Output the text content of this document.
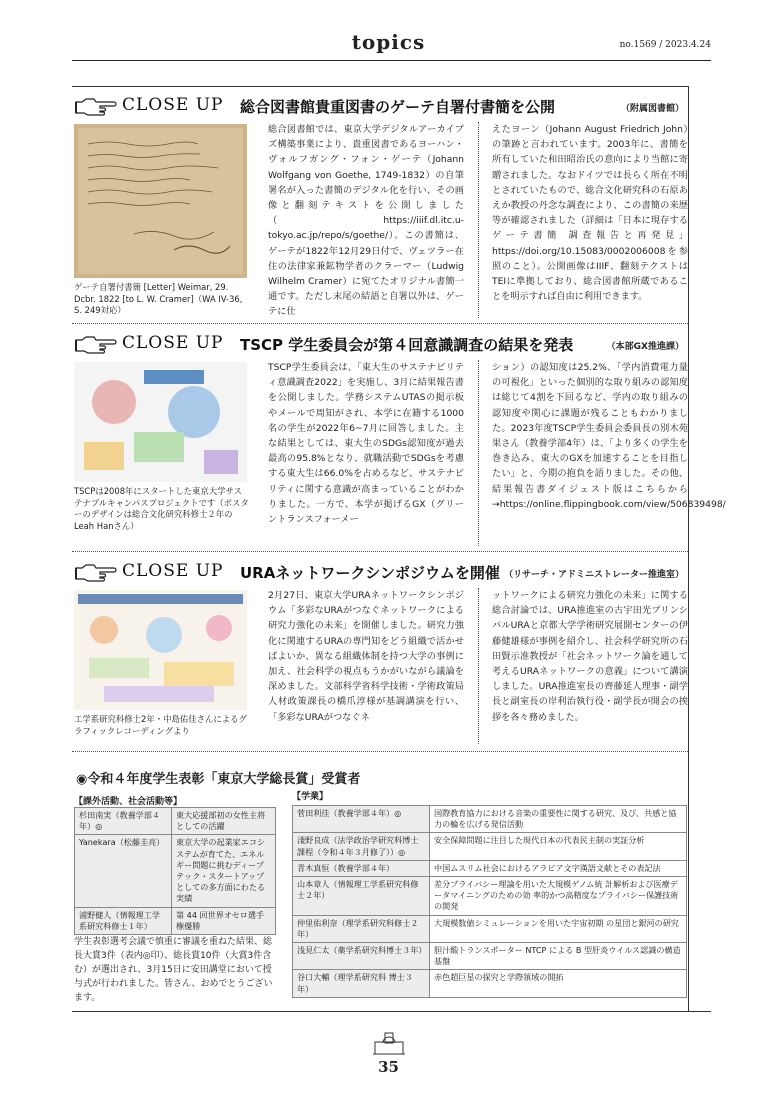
topics	no.1569 / 2023.4.24
CLOSE UP 総合図書館貴重図書のゲーテ自署付書簡を公開	（附属図書館）
ゲーテ自署付書簡 [Letter] Weimar, 29. Dcbr. 1822 [to L. W. Cramer]（WA IV-36, S. 249対応）
総合図書館では、東京大学デジタルアーカイブズ構築事業により、貴重図書であるヨーハン・ヴォルフガング・フォン・ゲーテ（Johann Wolfgang von Goethe, 1749-1832）の自筆署名が入った書簡のデジタル化を行い、その画像と翻刻テキストを公開しました（https://iiif.dl.itc.u-tokyo.ac.jp/repo/s/goethe/）。この書簡は、ゲーテが1822年12月29日付で、ヴェツラー在住の法律家兼鉱物学者のクラーマー（Ludwig Wilhelm Cramer）に宛てたオリジナル書簡一通です。ただし末尾の結語と自署以外は、ゲーテに仕
えたヨーン（Johann August Friedrich John）の筆跡と言われています。2003年に、書簡を所有していた和田昭治氏の意向により当館に寄贈されました。なおドイツでは長らく所在不明とされていたもので、総合文化研究科の石原あえか教授の丹念な調査により、この書簡の来歴等が確認されました（詳細は「日本に現存するゲーテ書簡 調査報告と再発見」https://doi.org/10.15083/0002006008を参照のこと）。公開画像はIIIF、翻刻テクストはTEIに準拠しており、総合図書館所蔵であることを明示すれば自由に利用できます。
CLOSE UP TSCP 学生委員会が第４回意識調査の結果を発表	（本部GX推進課）
TSCPは2008年にスタートした東京大学サステナブルキャンパスプロジェクトです（ポスターのデザインは総合文化研究科修士２年のLeah Hanさん）
TSCP学生委員会は、「東大生のサステナビリティ意識調査2022」を実施し、3月に結果報告書を公開しました。学務システムUTASの掲示板やメールで周知がされ、本学に在籍する1000名の学生が2022年6~7月に回答しました。主な結果としては、東大生のSDGs認知度が過去最高の95.8%となり、就職活動でSDGsを考慮する東大生は66.0%を占めるなど、サステナビリティに関する意識が高まっていることがわかりました。一方で、本学が掲げるGX（グリーントランスフォーメー
ション）の認知度は25.2%、「学内消費電力量の可視化」といった個別的な取り組みの認知度は総じて4割を下回るなど、学内の取り組みの認知度や関心に課題が残ることもわかりました。2023年度TSCP学生委員会委員長の別木苑果さん（教養学部4年）は、「より多くの学生を巻き込み、東大のGXを加速することを目指したい」と、今期の抱負を語りました。その他、結果報告書ダイジェスト版はこちらから→https://online.flippingbook.com/view/506839498/
CLOSE UP URAネットワークシンポジウムを開催 （リサーチ・アドミニストレーター推進室）
工学系研究科修士2年・中島佑佳さんによるグラフィックレコーディングより
2月27日、東京大学URAネットワークシンポジウム「多彩なURAがつなぐネットワークによる研究力強化の未来」を開催しました。研究力強化に関連するURAの専門知をどう組織で活かせばよいか、異なる組織体制を持つ大学の事例に加え、社会科学の視点もうかがいながら議論を深めました。文部科学省科学技術・学術政策局人材政策課長の橋爪淳様が基調講演を行い、「多彩なURAがつなぐネ
ットワークによる研究力強化の未来」に関する総合討論では、URA推進室の古宇田光プリンシパルURAと京都大学学術研究展開センターの伊藤健雄様が事例を紹介し、社会科学研究所の石田賢示准教授が「社会ネットワーク論を通して考えるURAネットワークの意義」について講演しました。URA推進室長の齊藤延人理事・副学長と副室長の岸利治執行役・副学長が開会の挨拶を各々務めました。
◉令和４年度学生表彰「東京大学総長賞」受賞者
【課外活動、社会活動等】	【学業】
杉田南実（教養学部４年）◎	東大応援部初の女性主将としての活躍
Yanekara（松藤圭亮）	東京大学の起業家エコシステムが育てた、エネルギー問題に挑むディープテック・スタートアップとしての多方面にわたる実績
浦野健人（情報理工学系研究科修士１年）	第 44 回世界オセロ選手権優勝
菅田利佳（教養学部４年）◎	国際教育協力における音楽の重要性に関する研究、及び、共感と協力の輪を広げる発信活動
淺野良成（法学政治学研究科博士課程（令和４年３月修了））◎	安全保障問題に注目した現代日本の代表民主制の実証分析
青木真恒（教養学部４年）	中国ムスリム社会におけるアラビア文字漢語文献とその表記法
山本章人（情報理工学系研究科修士２年）	差分プライバシー理論を用いた大規模ゲノム統 計解析および医療データマイニングのための効 率的かつ高精度なプライバシー保護技術の開発
仲里佑利奈（理学系研究科修士２年）	大規模数値シミュレーションを用いた宇宙初期 の星団と銀河の研究
浅見仁太（薬学系研究科博士３年）	胆汁酸トランスポーター NTCP による B 型肝炎ウイルス認識の構造基盤
谷口大輔（理学系研究科 博士３年）	赤色超巨星の探究と学際領域の開拓
学生表彰選考会議で慎重に審議を重ねた結果、総長大賞3件（表内◎印）、総長賞10件（大賞3件含む）が選出され、3月15日に安田講堂において授与式が行われました。皆さん、おめでとうございます。
35
